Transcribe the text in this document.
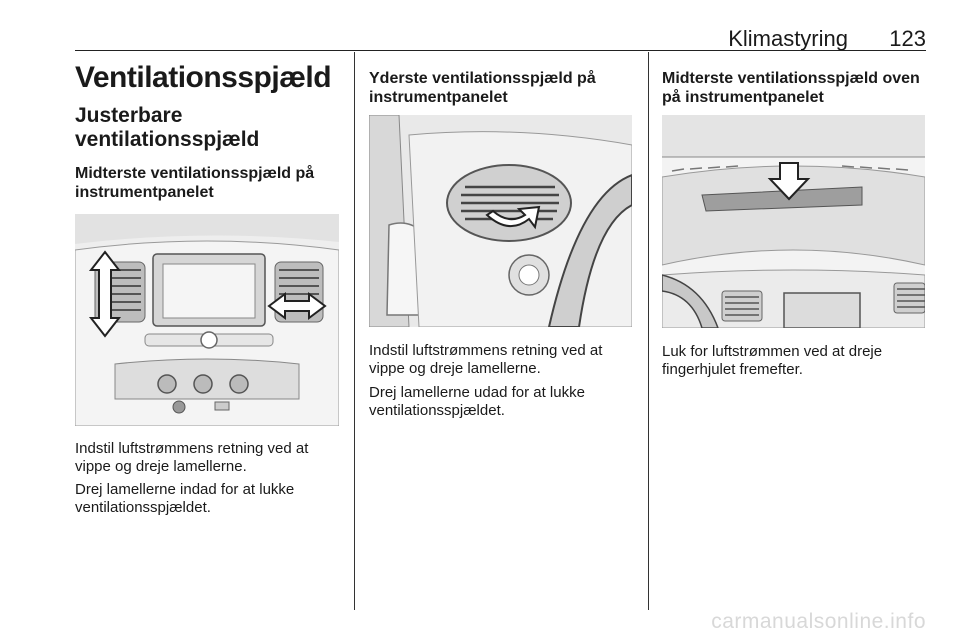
Klimastyring 123
Ventilationsspjæld
Justerbare ventilationsspjæld
Midterste ventilationsspjæld på instrumentpanelet

Indstil luftstrømmens retning ved at vippe og dreje lamellerne.

Drej lamellerne indad for at lukke ventilationsspjældet.

Yderste ventilationsspjæld på instrumentpanelet

Indstil luftstrømmens retning ved at vippe og dreje lamellerne.

Drej lamellerne udad for at lukke ventilationsspjældet.

Midterste ventilationsspjæld oven på instrumentpanelet

Luk for luftstrømmen ved at dreje fingerhjulet fremefter.

carmanualsonline.info
